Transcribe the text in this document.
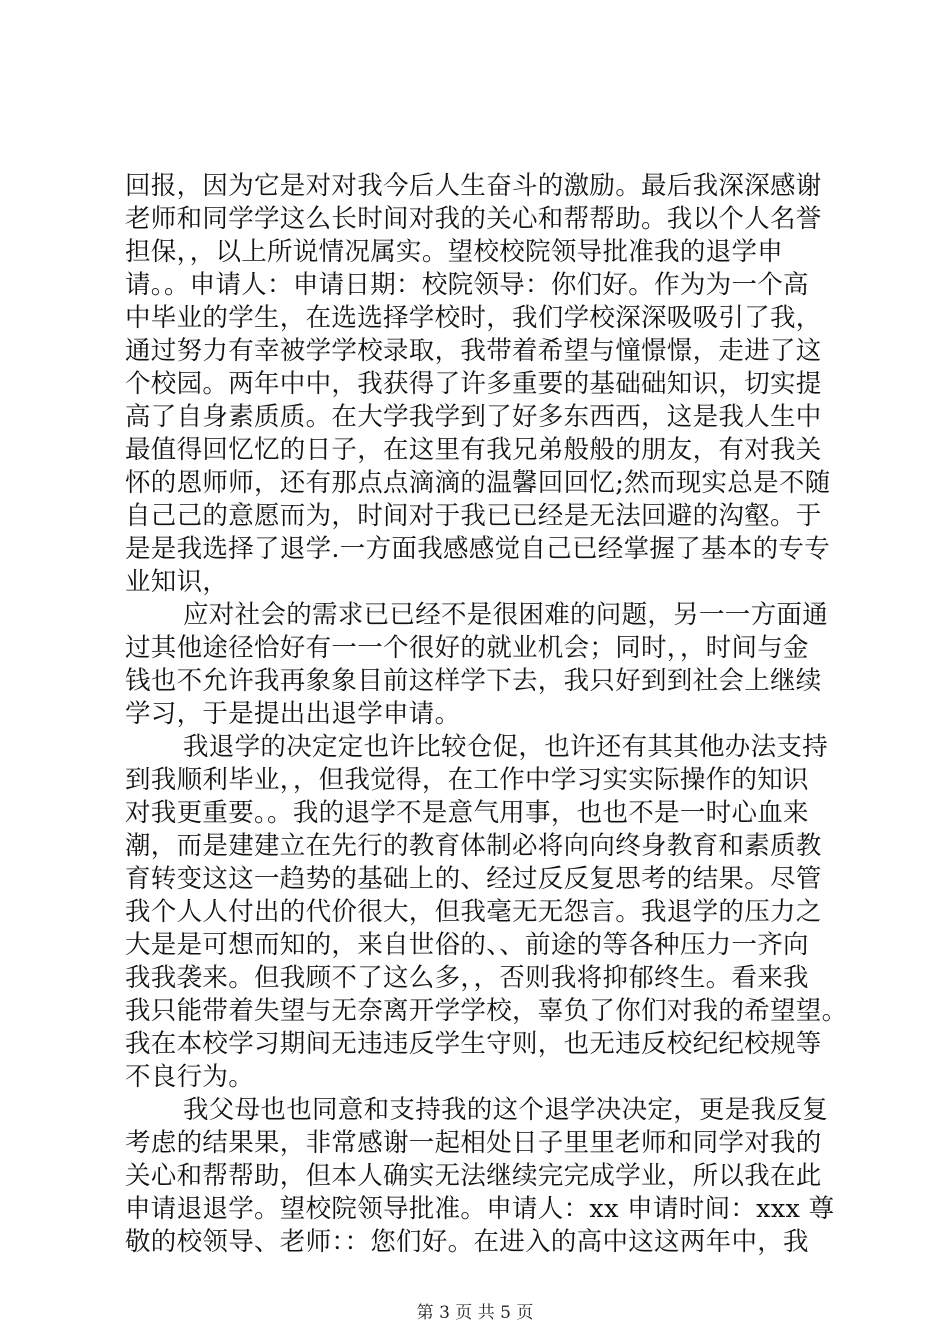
回报，因为它是对对我今后人生奋斗的激励。最后我深深感谢
老师和同学学这么长时间对我的关心和帮帮助。我以个人名誉
担保，，以上所说情况属实。望校校院领导批准我的退学申
请。。申请人：申请日期：校院领导：你们好。作为为一个高
中毕业的学生，在选选择学校时，我们学校深深吸吸引了我，
通过努力有幸被学学校录取，我带着希望与憧憬憬，走进了这
个校园。两年中中，我获得了许多重要的基础础知识，切实提
高了自身素质质。在大学我学到了好多东西西，这是我人生中
最值得回忆忆的日子，在这里有我兄弟般般的朋友，有对我关
怀的恩师师，还有那点点滴滴的温馨回回忆;然而现实总是不随
自己己的意愿而为，时间对于我已已经是无法回避的沟壑。于
是是我选择了退学.一方面我感感觉自己已经掌握了基本的专专
业知识，
应对社会的需求已已经不是很困难的问题，另一一方面通
过其他途径恰好有一一个很好的就业机会；同时，，时间与金
钱也不允许我再象象目前这样学下去，我只好到到社会上继续
学习，于是提出出退学申请。
我退学的决定定也许比较仓促，也许还有其其他办法支持
到我顺利毕业，，但我觉得，在工作中学习实实际操作的知识
对我更重要。。我的退学不是意气用事，也也不是一时心血来
潮，而是建建立在先行的教育体制必将向向终身教育和素质教
育转变这这一趋势的基础上的、经过反反复思考的结果。尽管
我个人人付出的代价很大，但我毫无无怨言。我退学的压力之
大是是可想而知的，来自世俗的、、前途的等各种压力一齐向
我我袭来。但我顾不了这么多，，否则我将抑郁终生。看来我
我只能带着失望与无奈离开学学校，辜负了你们对我的希望望。
我在本校学习期间无违违反学生守则，也无违反校纪纪校规等
不良行为。
我父母也也同意和支持我的这个退学决决定，更是我反复
考虑的结果果，非常感谢一起相处日子里里老师和同学对我的
关心和帮帮助，但本人确实无法继续完完成学业，所以我在此
申请退退学。望校院领导批准。申请人：xx 申请时间：xxx 尊
敬的校领导、老师：：您们好。在进入的高中这这两年中，我
第 3 页 共 5 页
